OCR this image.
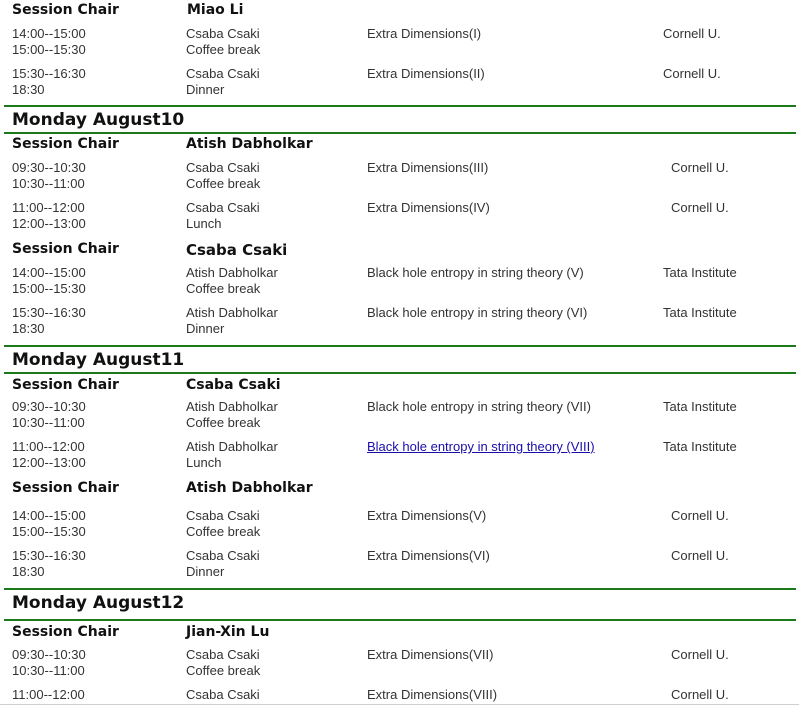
Session Chair	Miao Li
14:00--15:00	Csaba Csaki	Extra Dimensions(I)	Cornell U.
15:00--15:30	Coffee break
15:30--16:30	Csaba Csaki	Extra Dimensions(II)	Cornell U.
18:30	Dinner
Monday August10
Session Chair	Atish Dabholkar
09:30--10:30	Csaba Csaki	Extra Dimensions(III)	Cornell U.
10:30--11:00	Coffee break
11:00--12:00	Csaba Csaki	Extra Dimensions(IV)	Cornell U.
12:00--13:00	Lunch
Session Chair	Csaba Csaki
14:00--15:00	Atish Dabholkar	Black hole entropy in string theory (V)	Tata Institute
15:00--15:30	Coffee break
15:30--16:30	Atish Dabholkar	Black hole entropy in string theory (VI)	Tata Institute
18:30	Dinner
Monday August11
Session Chair	Csaba Csaki
09:30--10:30	Atish Dabholkar	Black hole entropy in string theory (VII)	Tata Institute
10:30--11:00	Coffee break
11:00--12:00	Atish Dabholkar	Black hole entropy in string theory (VIII)	Tata Institute
12:00--13:00	Lunch
Session Chair	Atish Dabholkar
14:00--15:00	Csaba Csaki	Extra Dimensions(V)	Cornell U.
15:00--15:30	Coffee break
15:30--16:30	Csaba Csaki	Extra Dimensions(VI)	Cornell U.
18:30	Dinner
Monday August12
Session Chair	Jian-Xin Lu
09:30--10:30	Csaba Csaki	Extra Dimensions(VII)	Cornell U.
10:30--11:00	Coffee break
11:00--12:00	Csaba Csaki	Extra Dimensions(VIII)	Cornell U.
